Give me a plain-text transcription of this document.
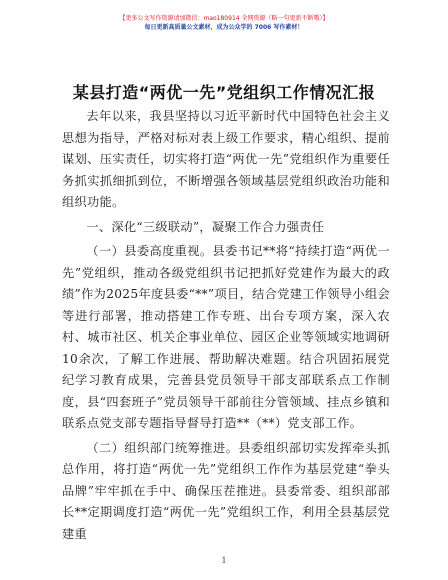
【更多公文写作资源请加微信：mao180914 全网资源（略一句更新不断哦）】
每日更新高质量公文素材，成为公众学的 7006 写作素材！
某县打造“两优一先”党组织工作情况汇报

去年以来，我县坚持以习近平新时代中国特色社会主义思想为指导，严格对标对表上级工作要求，精心组织、提前谋划、压实责任，切实将打造“两优一先”党组织作为重要任务抓实抓细抓到位，不断增强各领域基层党组织政治功能和组织功能。

一、深化“三级联动”，凝聚工作合力强责任

（一）县委高度重视。县委书记**将“持续打造“两优一先”党组织，推动各级党组织书记把抓好党建作为最大的政绩”作为2025年度县委“**”项目，结合党建工作领导小组会等进行部署，推动搭建工作专班、出台专项方案，深入农村、城市社区、机关企事业单位、园区企业等领域实地调研10余次，了解工作进展、帮助解决难题。结合巩固拓展党纪学习教育成果，完善县党员领导干部支部联系点工作制度，县“四套班子”党员领导干部前往分管领域、挂点乡镇和联系点党支部专题指导督导打造**（**）党支部工作。

（二）组织部门统筹推进。县委组织部切实发挥牵头抓总作用，将打造“两优一先”党组织工作作为基层党建“拳头品牌”牢牢抓在手中、确保压茬推进。县委常委、组织部部长**定期调度打造“两优一先”党组织工作，利用全县基层党建重

1
